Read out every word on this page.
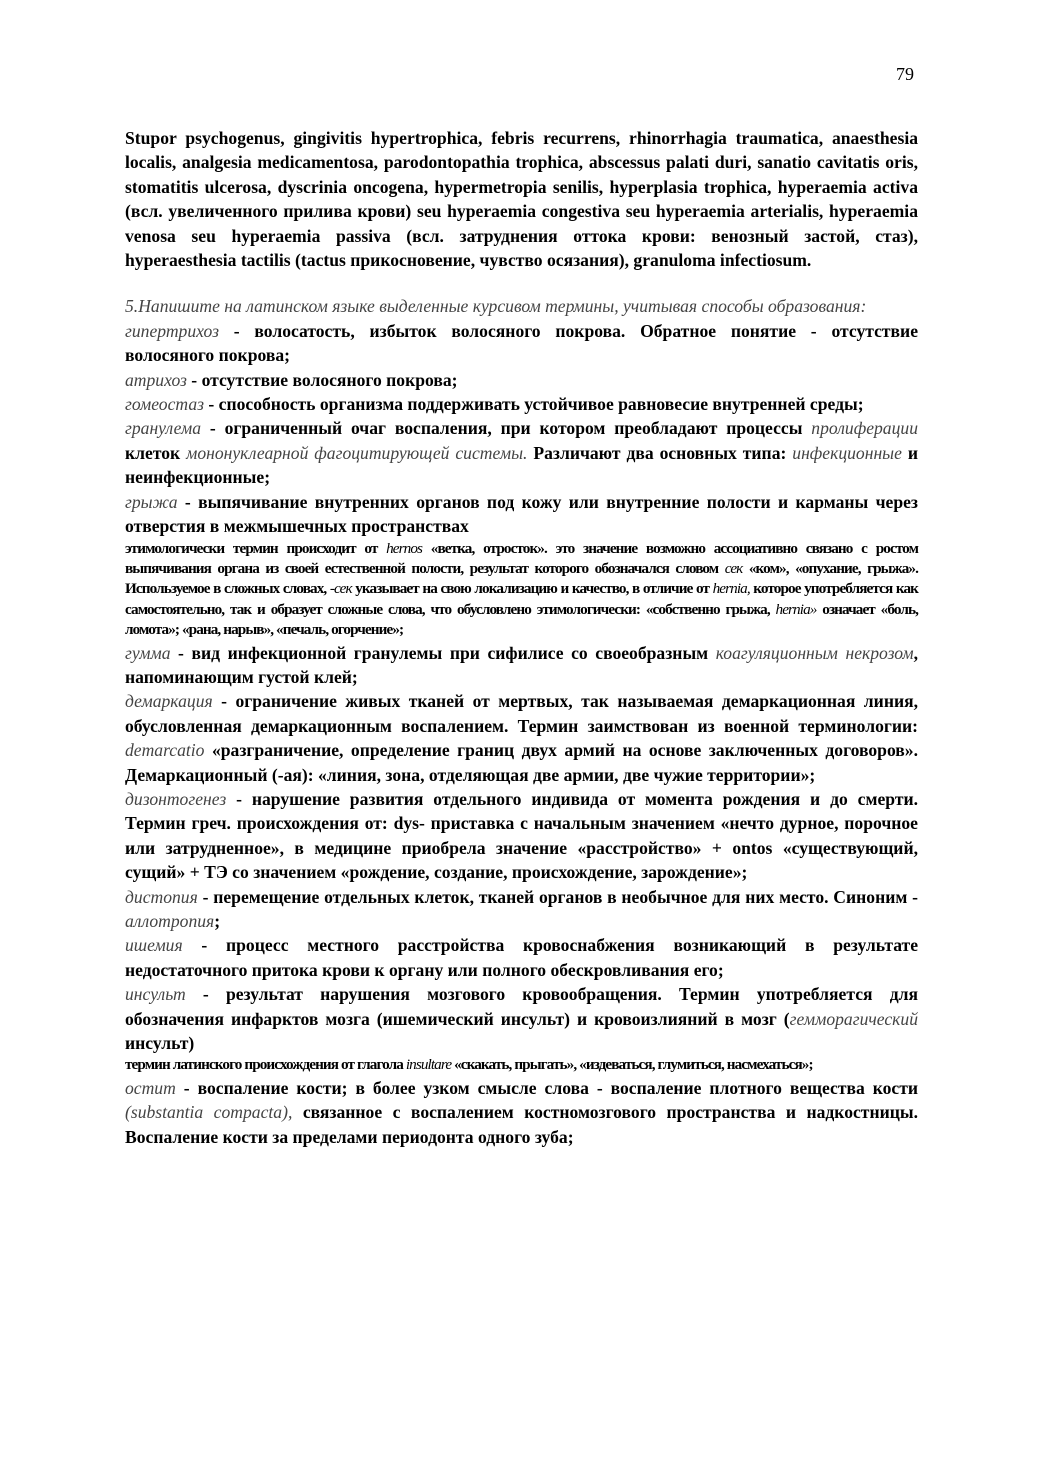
79

Stupor psychogenus, gingivitis hypertrophica, febris recurrens, rhinorrhagia traumatica, anaesthesia localis, analgesia medicamentosa, parodontopathia trophica, abscessus palati duri, sanatio cavitatis oris, stomatitis ulcerosa, dyscrinia oncogena, hypermetropia senilis, hyperplasia trophica, hyperaemia activa (всл. увеличенного прилива крови) seu hyperaemia congestiva seu hyperaemia arterialis, hyperaemia venosa seu hyperaemia passiva (всл. затруднения оттока крови: венозный застой, стаз), hyperaesthesia tactilis (tactus прикосновение, чувство осязания), granuloma infectiosum.

5.Напишите на латинском языке выделенные курсивом термины, учитывая способы образования:

гипертрихоз - волосатость, избыток волосяного покрова. Обратное понятие - отсутствие волосяного покрова;

атрихоз - отсутствие волосяного покрова;

гомеостаз - способность организма поддерживать устойчивое равновесие внутренней среды;

гранулема - ограниченный очаг воспаления, при котором преобладают процессы пролиферации клеток мононуклеарной фагоцитирующей системы. Различают два основных типа: инфекционные и неинфекционные;

грыжа - выпячивание внутренних органов под кожу или внутренние полости и карманы через отверстия в межмышечных пространствах

этимологически термин происходит от hernos «ветка, отросток». это значение возможно ассоциативно связано с ростом выпячивания органа из своей естественной полости, результат которого обозначался словом сек «ком», «опухание, грыжа». Используемое в сложных словах, -сек указывает на свою локализацию и качество, в отличие от hernia, которое употребляется как самостоятельно, так и образует сложные слова, что обусловлено этимологически: «собственно грыжа, hernia» означает «боль, ломота»; «рана, нарыв», «печаль, огорчение»;

гумма - вид инфекционной гранулемы при сифилисе со своеобразным коагуляционным некрозом, напоминающим густой клей;

демаркация - ограничение живых тканей от мертвых, так называемая демаркационная линия, обусловленная демаркационным воспалением. Термин заимствован из военной терминологии: demarcatio «разграничение, определение границ двух армий на основе заключенных договоров». Демаркационный (-ая): «линия, зона, отделяющая две армии, две чужие территории»;

дизонтогенез - нарушение развития отдельного индивида от момента рождения и до смерти. Термин греч. происхождения от: dys- приставка с начальным значением «нечто дурное, порочное или затрудненное», в медицине приобрела значение «расстройство» + ontos «существующий, сущий» + ТЭ со значением «рождение, создание, происхождение, зарождение»;

дистопия - перемещение отдельных клеток, тканей органов в необычное для них место. Синоним - аллотропия;

ишемия - процесс местного расстройства кровоснабжения возникающий в результате недостаточного притока крови к органу или полного обескровливания его;

инсульт - результат нарушения мозгового кровообращения. Термин употребляется для обозначения инфарктов мозга (ишемический инсульт) и кровоизлияний в мозг (геммoрагический инсульт)

термин латинского происхождения от глагола insultare «скакать, прыгать», «издеваться, глумиться, насмехаться»;

остит - воспаление кости; в более узком смысле слова - воспаление плотного вещества кости (substantia compacta), связанное с воспалением костномозгового пространства и надкостницы. Воспаление кости за пределами периодонта одного зуба;
